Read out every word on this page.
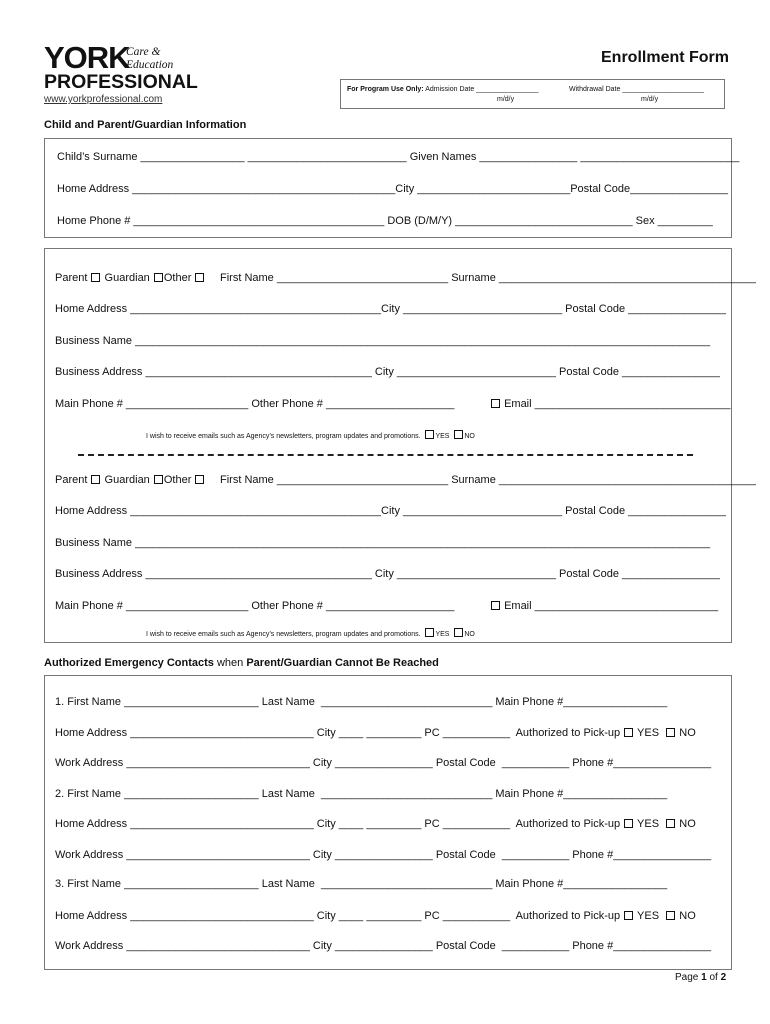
YORK
Care &
Education
PROFESSIONAL
www.yorkprofessional.com
Enrollment Form
For Program Use Only: Admission Date ________________	Withdrawal Date _____________________
m/d/y	m/d/y
Child and Parent/Guardian Information
Child’s Surname _________________ __________________________ Given Names ________________ __________________________
Home Address ___________________________________________City _________________________Postal Code________________
Home Phone # _________________________________________ DOB (D/M/Y) _____________________________ Sex _________
Parent Guardian Other	First Name ____________________________ Surname __________________________________________
Home Address _________________________________________City __________________________ Postal Code ________________
Business Name ______________________________________________________________________________________________
Business Address _____________________________________ City __________________________ Postal Code ________________
Main Phone # ____________________ Other Phone # _____________________	Email ________________________________
I wish to receive emails such as Agency’s newsletters, program updates and promotions. YES NO
Parent Guardian Other	First Name ____________________________ Surname __________________________________________
Home Address _________________________________________City __________________________ Postal Code ________________
Business Name ______________________________________________________________________________________________
Business Address _____________________________________ City __________________________ Postal Code ________________
Main Phone # ____________________ Other Phone # _____________________	Email ______________________________
I wish to receive emails such as Agency’s newsletters, program updates and promotions. YES NO
Authorized Emergency Contacts when Parent/Guardian Cannot Be Reached
1. First Name ______________________ Last Name  ____________________________ Main Phone #_________________
Home Address ______________________________ City ____ _________ PC ___________  Authorized to Pick-up YES NO
Work Address ______________________________ City ________________ Postal Code  ___________ Phone #________________
2. First Name ______________________ Last Name  ____________________________ Main Phone #_________________
Home Address ______________________________ City ____ _________ PC ___________  Authorized to Pick-up YES NO
Work Address ______________________________ City ________________ Postal Code  ___________ Phone #________________
3. First Name ______________________ Last Name  ____________________________ Main Phone #_________________
Home Address ______________________________ City ____ _________ PC ___________  Authorized to Pick-up YES NO
Work Address ______________________________ City ________________ Postal Code  ___________ Phone #________________
Page 1 of 2
